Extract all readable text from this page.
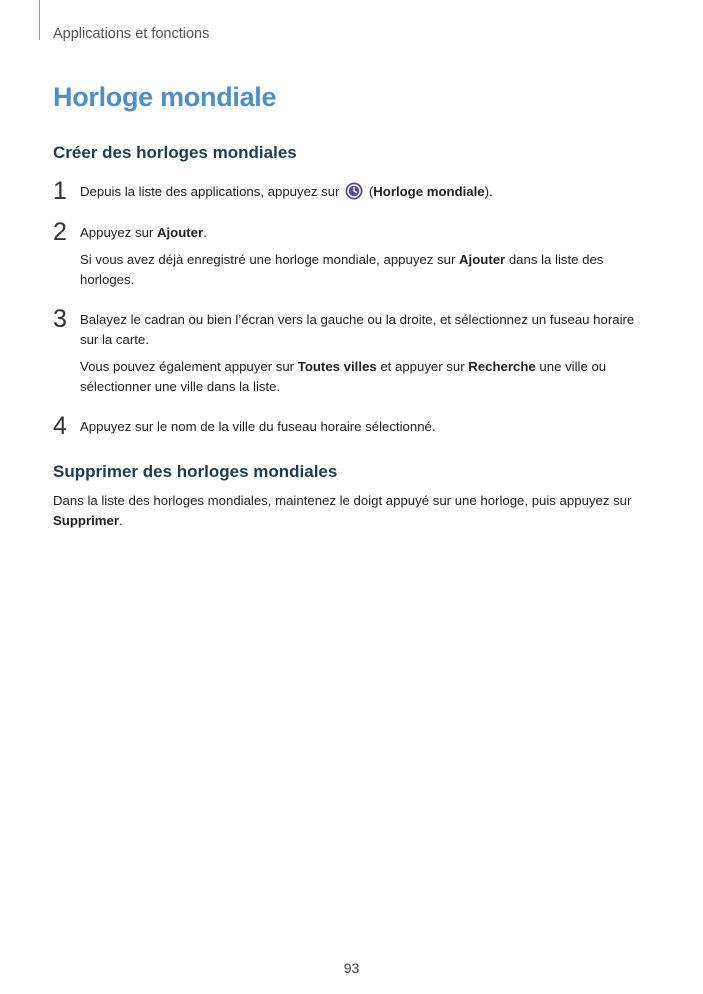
Applications et fonctions
Horloge mondiale
Créer des horloges mondiales
1 Depuis la liste des applications, appuyez sur  (Horloge mondiale).
2 Appuyez sur Ajouter.
Si vous avez déjà enregistré une horloge mondiale, appuyez sur Ajouter dans la liste des horloges.
3 Balayez le cadran ou bien l’écran vers la gauche ou la droite, et sélectionnez un fuseau horaire sur la carte.
Vous pouvez également appuyer sur Toutes villes et appuyer sur Recherche une ville ou sélectionner une ville dans la liste.
4 Appuyez sur le nom de la ville du fuseau horaire sélectionné.
Supprimer des horloges mondiales
Dans la liste des horloges mondiales, maintenez le doigt appuyé sur une horloge, puis appuyez sur Supprimer.
93
